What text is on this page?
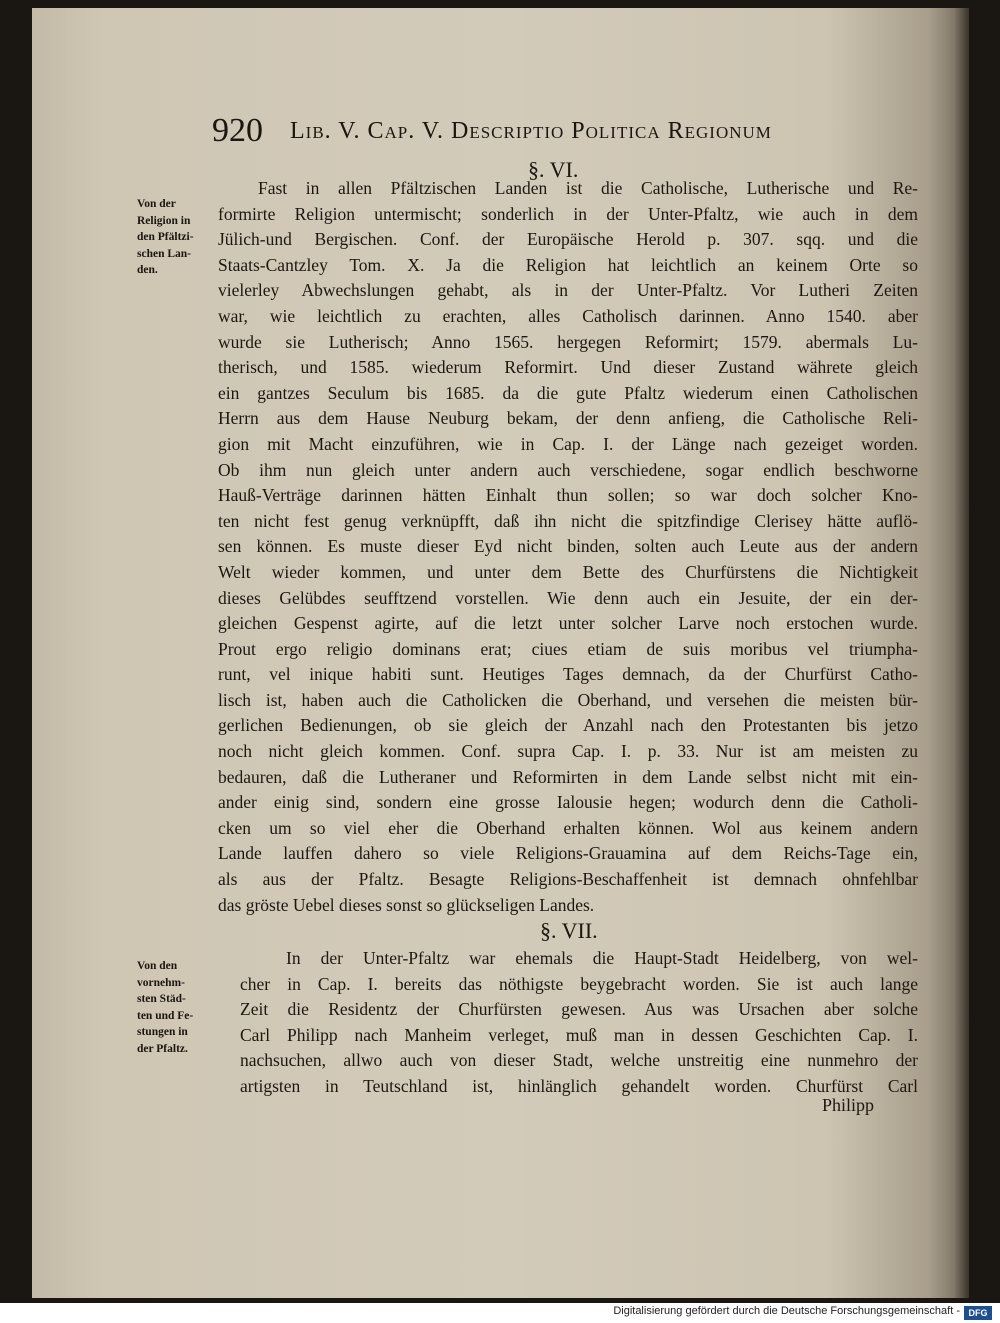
920 Lib. V. Cap. V. Descriptio Politica Regionum
§. VI.
Von der
Religion in
den Pfältzi-
schen Lan-
den.
Fast in allen Pfältzischen Landen ist die Catholische, Lutherische und Re-
formirte Religion untermischt; sonderlich in der Unter-Pfaltz, wie auch in dem
Jülich-und Bergischen. Conf. der Europäische Herold p. 307. sqq. und die
Staats-Cantzley Tom. X. Ja die Religion hat leichtlich an keinem Orte so
vielerley Abwechslungen gehabt, als in der Unter-Pfaltz. Vor Lutheri Zeiten
war, wie leichtlich zu erachten, alles Catholisch darinnen. Anno 1540. aber
wurde sie Lutherisch; Anno 1565. hergegen Reformirt; 1579. abermals Lu-
therisch, und 1585. wiederum Reformirt. Und dieser Zustand währete gleich
ein gantzes Seculum bis 1685. da die gute Pfaltz wiederum einen Catholischen
Herrn aus dem Hause Neuburg bekam, der denn anfieng, die Catholische Reli-
gion mit Macht einzuführen, wie in Cap. I. der Länge nach gezeiget worden.
Ob ihm nun gleich unter andern auch verschiedene, sogar endlich beschworne
Hauß-Verträge darinnen hätten Einhalt thun sollen; so war doch solcher Kno-
ten nicht fest genug verknüpfft, daß ihn nicht die spitzfindige Clerisey hätte auflö-
sen können. Es muste dieser Eyd nicht binden, solten auch Leute aus der andern
Welt wieder kommen, und unter dem Bette des Churfürstens die Nichtigkeit
dieses Gelübdes seufftzend vorstellen. Wie denn auch ein Jesuite, der ein der-
gleichen Gespenst agirte, auf die letzt unter solcher Larve noch erstochen wurde.
Prout ergo religio dominans erat; ciues etiam de suis moribus vel triumpha-
runt, vel inique habiti sunt. Heutiges Tages demnach, da der Churfürst Catho-
lisch ist, haben auch die Catholicken die Oberhand, und versehen die meisten bür-
gerlichen Bedienungen, ob sie gleich der Anzahl nach den Protestanten bis jetzo
noch nicht gleich kommen. Conf. supra Cap. I. p. 33. Nur ist am meisten zu
bedauren, daß die Lutheraner und Reformirten in dem Lande selbst nicht mit ein-
ander einig sind, sondern eine grosse Ialousie hegen; wodurch denn die Catholi-
cken um so viel eher die Oberhand erhalten können. Wol aus keinem andern
Lande lauffen dahero so viele Religions-Grauamina auf dem Reichs-Tage ein,
als aus der Pfaltz. Besagte Religions-Beschaffenheit ist demnach ohnfehlbar
das gröste Uebel dieses sonst so glückseligen Landes.
§. VII.
Von den
vornehm-
sten Städ-
ten und Fe-
stungen in
der Pfaltz.
In der Unter-Pfaltz war ehemals die Haupt-Stadt Heidelberg, von wel-
cher in Cap. I. bereits das nöthigste beygebracht worden. Sie ist auch lange
Zeit die Residentz der Churfürsten gewesen. Aus was Ursachen aber solche
Carl Philipp nach Manheim verleget, muß man in dessen Geschichten Cap. I.
nachsuchen, allwo auch von dieser Stadt, welche unstreitig eine nunmehro der
artigsten in Teutschland ist, hinlänglich gehandelt worden. Churfürst Carl
Philipp
Digitalisierung gefördert durch die Deutsche Forschungsgemeinschaft - DFG
